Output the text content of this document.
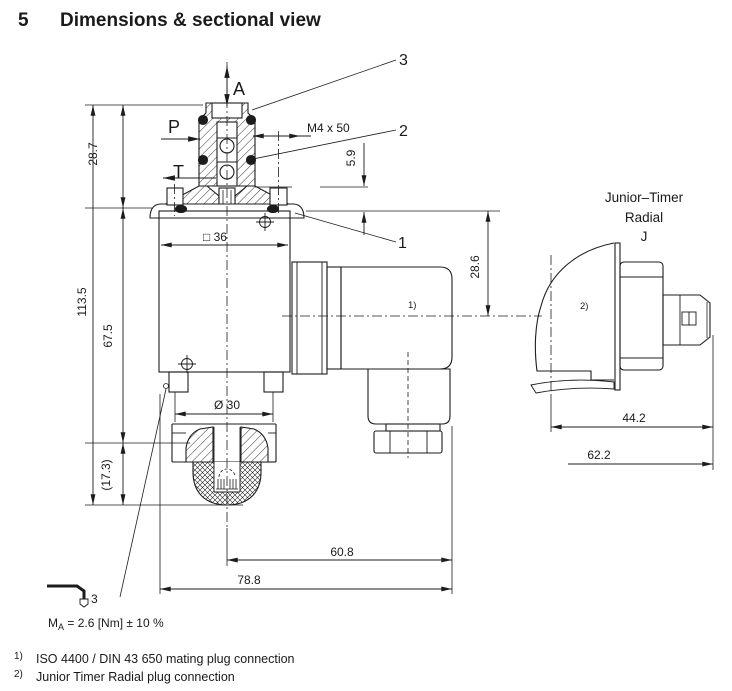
5 Dimensions & sectional view
113.5
28.7
67.5
(17.3)
5.9
28.6
M4 x 50
□ 36
Ø 30
60.8
78.8
44.2
62.2
A
P
T
3
2
1
3
1)	2)
Junior–Timer
Radial
J
$M_A = 2.6$ [Nm] ± 10 %
1) ISO 4400 / DIN 43 650 mating plug connection
2) Junior Timer Radial plug connection
